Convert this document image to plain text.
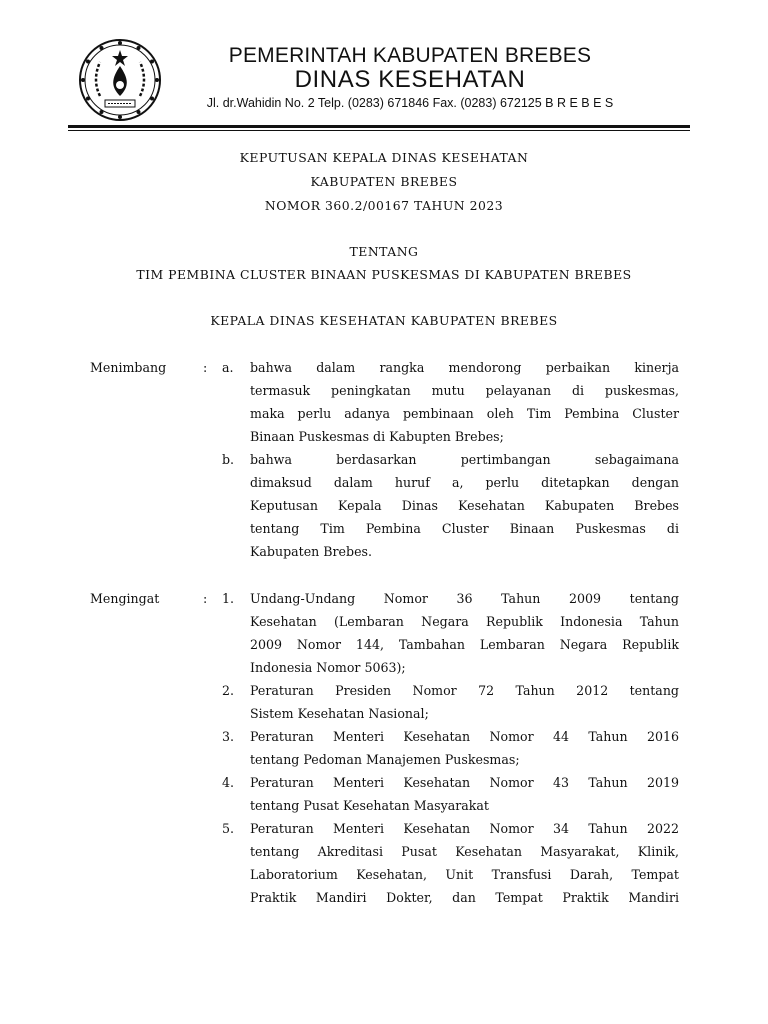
PEMERINTAH KABUPATEN BREBES
DINAS KESEHATAN
Jl. dr.Wahidin No. 2 Telp. (0283) 671846 Fax. (0283) 672125 B R E B E S
KEPUTUSAN KEPALA DINAS KESEHATAN
KABUPATEN BREBES
NOMOR 360.2/00167 TAHUN 2023
TENTANG
TIM PEMBINA CLUSTER BINAAN PUSKESMAS DI KABUPATEN BREBES
KEPALA DINAS KESEHATAN KABUPATEN BREBES
Menimbang	: a. bahwa dalam rangka mendorong perbaikan kinerja
termasuk peningkatan mutu pelayanan di puskesmas,
maka perlu adanya pembinaan oleh Tim Pembina Cluster
Binaan Puskesmas di Kabupten Brebes;
b. bahwa berdasarkan pertimbangan sebagaimana
dimaksud dalam huruf a, perlu ditetapkan dengan
Keputusan Kepala Dinas Kesehatan Kabupaten Brebes
tentang Tim Pembina Cluster Binaan Puskesmas di
Kabupaten Brebes.
Mengingat	: 1. Undang-Undang Nomor 36 Tahun 2009 tentang
Kesehatan (Lembaran Negara Republik Indonesia Tahun
2009 Nomor 144, Tambahan Lembaran Negara Republik
Indonesia Nomor 5063);
2. Peraturan Presiden Nomor 72 Tahun 2012 tentang
Sistem Kesehatan Nasional;
3. Peraturan Menteri Kesehatan Nomor 44 Tahun 2016
tentang Pedoman Manajemen Puskesmas;
4. Peraturan Menteri Kesehatan Nomor 43 Tahun 2019
tentang Pusat Kesehatan Masyarakat
5. Peraturan Menteri Kesehatan Nomor 34 Tahun 2022
tentang Akreditasi Pusat Kesehatan Masyarakat, Klinik,
Laboratorium Kesehatan, Unit Transfusi Darah, Tempat
Praktik Mandiri Dokter, dan Tempat Praktik Mandiri
